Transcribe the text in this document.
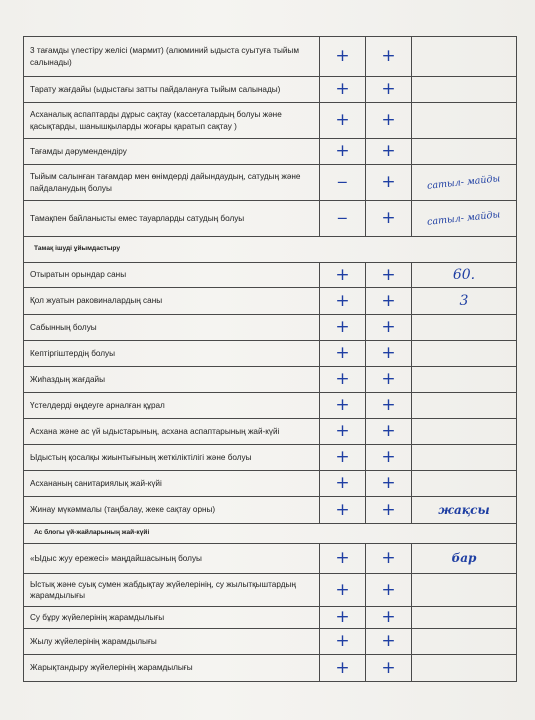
3 тағамды үлестіру желісі (мармит) (алюминий ыдыста суытуға тыйым салынады)	+	+	
Тарату жағдайы (ыдыстағы затты пайдалануға тыйым салынады)	+	+	
Асханалық аспаптарды дұрыс сақтау (кассеталардың болуы және қасықтарды, шанышқыларды жоғары қаратып сақтау )	+	+	
Тағамды дәрумендендіру	+	+	
Тыйым салынған тағамдар мен өнімдерді дайындаудың, сатудың және пайдаланудың болуы	–	+	сатыл- майды
Тамақпен байланысты емес тауарларды сатудың болуы	–	+	сатыл- майды
Тамақ ішуді ұйымдастыру			
Отыратын орындар саны	+	+	60.
Қол жуатын раковиналардың саны	+	+	3
Сабынның болуы	+	+	
Кептіргіштердің болуы	+	+	
Жиһаздың жағдайы	+	+	
Үстелдерді өңдеуге арналған құрал	+	+	
Асхана және ас үй ыдыстарының, асхана аспаптарының жай-күйі	+	+	
Ыдыстың қосалқы жиынтығының жеткіліктілігі және болуы	+	+	
Асхананың санитариялық жай-күйі	+	+	
Жинау мүкәммалы (таңбалау, жеке сақтау орны)	+	+	жақсы
Ас блогы үй-жайларының жай-күйі			
«Ыдыс жуу ережесі» маңдайшасының болуы	+	+	бар
Ыстық және суық сумен жабдықтау жүйелерінің, су жылытқыштардың жарамдылығы	+	+	
Су бұру жүйелерінің жарамдылығы	+	+	
Жылу жүйелерінің жарамдылығы	+	+	
Жарықтандыру жүйелерінің жарамдылығы	+	+	
